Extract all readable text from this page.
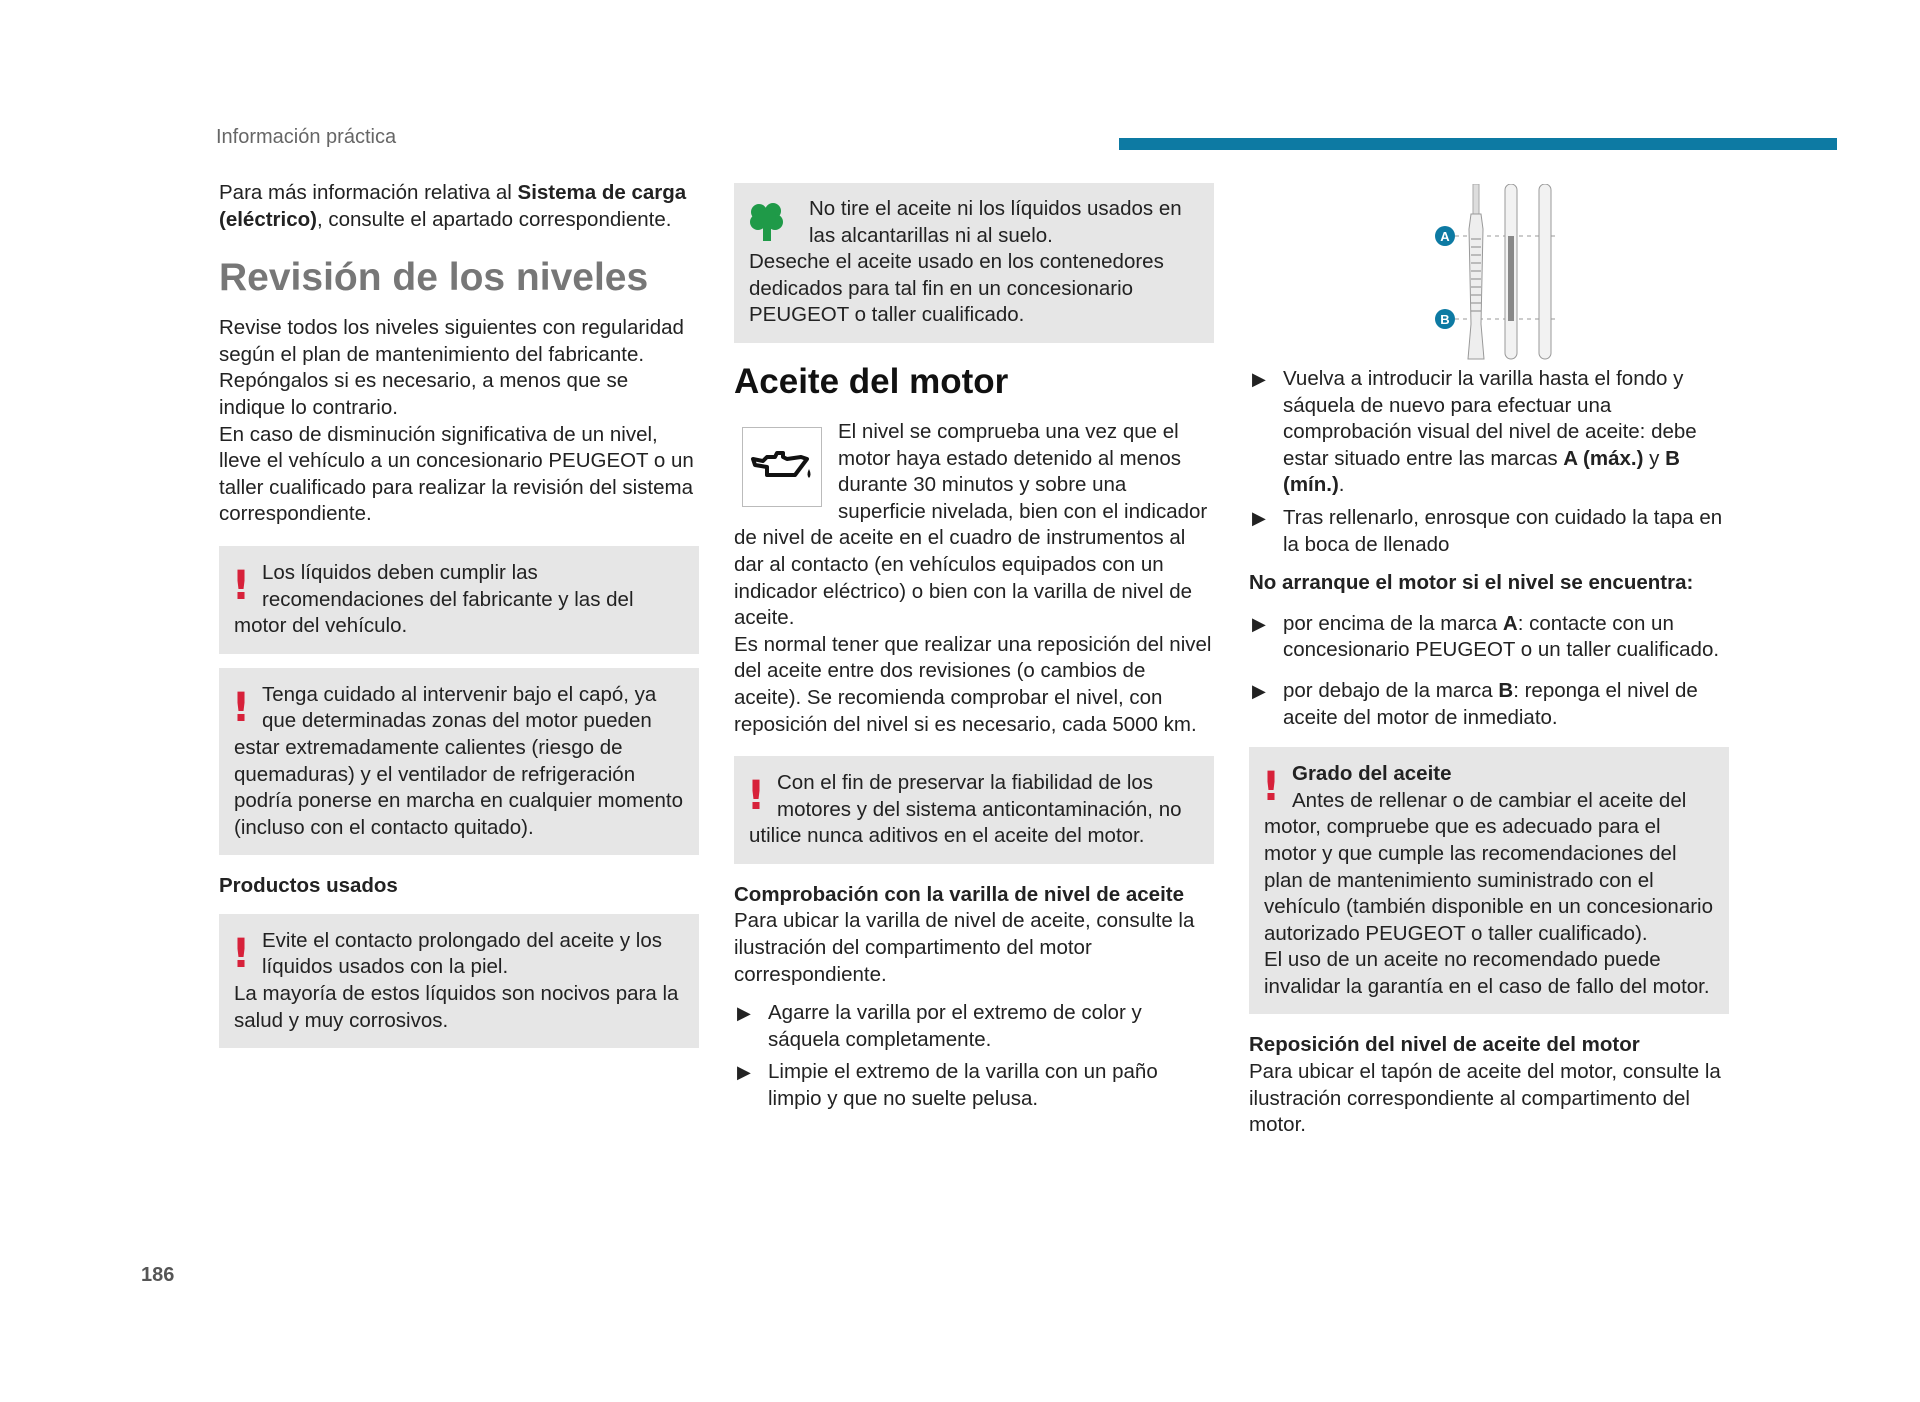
Información práctica

Para más información relativa al Sistema de carga (eléctrico), consulte el apartado correspondiente.

Revisión de los niveles

Revise todos los niveles siguientes con regularidad según el plan de mantenimiento del fabricante. Repóngalos si es necesario, a menos que se indique lo contrario.

En caso de disminución significativa de un nivel, lleve el vehículo a un concesionario PEUGEOT o un taller cualificado para realizar la revisión del sistema correspondiente.

! Los líquidos deben cumplir las recomendaciones del fabricante y las del motor del vehículo.

! Tenga cuidado al intervenir bajo el capó, ya que determinadas zonas del motor pueden estar extremadamente calientes (riesgo de quemaduras) y el ventilador de refrigeración podría ponerse en marcha en cualquier momento (incluso con el contacto quitado).

Productos usados

! Evite el contacto prolongado del aceite y los líquidos usados con la piel.

La mayoría de estos líquidos son nocivos para la salud y muy corrosivos.

No tire el aceite ni los líquidos usados en las alcantarillas ni al suelo.

Deseche el aceite usado en los contenedores dedicados para tal fin en un concesionario PEUGEOT o taller cualificado.

Aceite del motor

El nivel se comprueba una vez que el motor haya estado detenido al menos durante 30 minutos y sobre una superficie nivelada, bien con el indicador de nivel de aceite en el cuadro de instrumentos al dar al contacto (en vehículos equipados con un indicador eléctrico) o bien con la varilla de nivel de aceite.

Es normal tener que realizar una reposición del nivel del aceite entre dos revisiones (o cambios de aceite). Se recomienda comprobar el nivel, con reposición del nivel si es necesario, cada 5000 km.

! Con el fin de preservar la fiabilidad de los motores y del sistema anticontaminación, no utilice nunca aditivos en el aceite del motor.

Comprobación con la varilla de nivel de aceite

Para ubicar la varilla de nivel de aceite, consulte la ilustración del compartimento del motor correspondiente.

▶ Agarre la varilla por el extremo de color y sáquela completamente.
▶ Limpie el extremo de la varilla con un paño limpio y que no suelte pelusa.
A
B
▶ Vuelva a introducir la varilla hasta el fondo y sáquela de nuevo para efectuar una comprobación visual del nivel de aceite: debe estar situado entre las marcas A (máx.) y B (mín.).
▶ Tras rellenarlo, enrosque con cuidado la tapa en la boca de llenado

No arranque el motor si el nivel se encuentra:

▶ por encima de la marca A: contacte con un concesionario PEUGEOT o un taller cualificado.
▶ por debajo de la marca B: reponga el nivel de aceite del motor de inmediato.
! Grado del aceite

Antes de rellenar o de cambiar el aceite del motor, compruebe que es adecuado para el motor y que cumple las recomendaciones del plan de mantenimiento suministrado con el vehículo (también disponible en un concesionario autorizado PEUGEOT o taller cualificado).

El uso de un aceite no recomendado puede invalidar la garantía en el caso de fallo del motor.

Reposición del nivel de aceite del motor

Para ubicar el tapón de aceite del motor, consulte la ilustración correspondiente al compartimento del motor.

186
